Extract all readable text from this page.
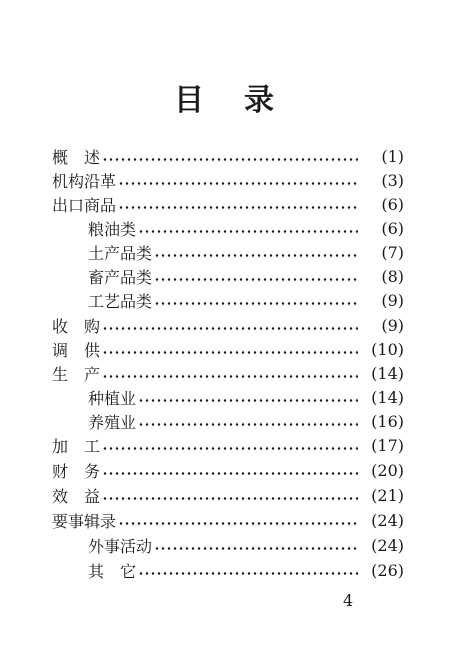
目 录
概　述	(1)
机构沿革	(3)
出口商品	(6)
粮油类	(6)
土产品类	(7)
畜产品类	(8)
工艺品类	(9)
收　购	(9)
调　供	(10)
生　产	(14)
种植业	(14)
养殖业	(16)
加　工	(17)
财　务	(20)
效　益	(21)
要事辑录	(24)
外事活动	(24)
其　它	(26)
4
